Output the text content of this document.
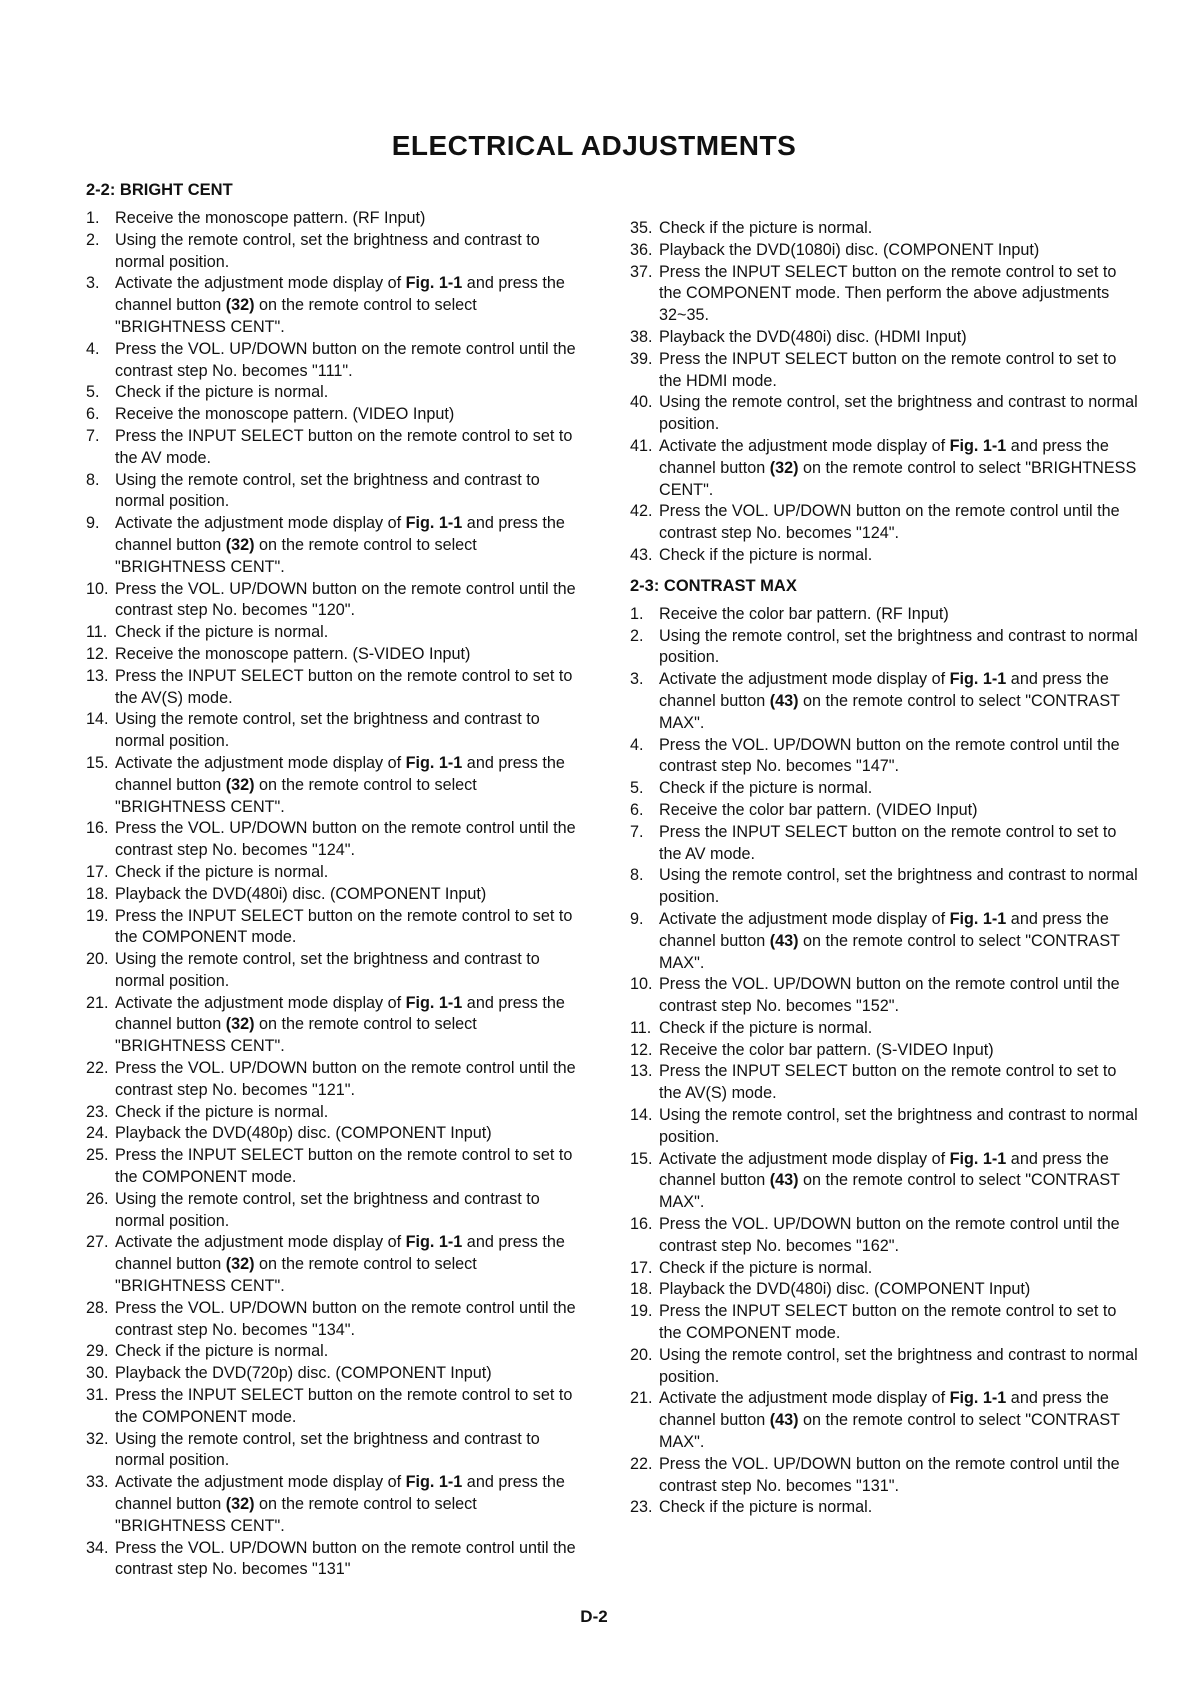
ELECTRICAL ADJUSTMENTS
2-2: BRIGHT CENT
1. Receive the monoscope pattern. (RF Input)
2. Using the remote control, set the brightness and contrast to normal position.
3. Activate the adjustment mode display of Fig. 1-1 and press the channel button (32) on the remote control to select "BRIGHTNESS CENT".
4. Press the VOL. UP/DOWN button on the remote control until the contrast step No. becomes "111".
5. Check if the picture is normal.
6. Receive the monoscope pattern. (VIDEO Input)
7. Press the INPUT SELECT button on the remote control to set to the AV mode.
8. Using the remote control, set the brightness and contrast to normal position.
9. Activate the adjustment mode display of Fig. 1-1 and press the channel button (32) on the remote control to select "BRIGHTNESS CENT".
10. Press the VOL. UP/DOWN button on the remote control until the contrast step No. becomes "120".
11. Check if the picture is normal.
12. Receive the monoscope pattern. (S-VIDEO Input)
13. Press the INPUT SELECT button on the remote control to set to the AV(S) mode.
14. Using the remote control, set the brightness and contrast to normal position.
15. Activate the adjustment mode display of Fig. 1-1 and press the channel button (32) on the remote control to select "BRIGHTNESS CENT".
16. Press the VOL. UP/DOWN button on the remote control until the contrast step No. becomes "124".
17. Check if the picture is normal.
18. Playback the DVD(480i) disc. (COMPONENT Input)
19. Press the INPUT SELECT button on the remote control to set to the COMPONENT mode.
20. Using the remote control, set the brightness and contrast to normal position.
21. Activate the adjustment mode display of Fig. 1-1 and press the channel button (32) on the remote control to select "BRIGHTNESS CENT".
22. Press the VOL. UP/DOWN button on the remote control until the contrast step No. becomes "121".
23. Check if the picture is normal.
24. Playback the DVD(480p) disc. (COMPONENT Input)
25. Press the INPUT SELECT button on the remote control to set to the COMPONENT mode.
26. Using the remote control, set the brightness and contrast to normal position.
27. Activate the adjustment mode display of Fig. 1-1 and press the channel button (32) on the remote control to select "BRIGHTNESS CENT".
28. Press the VOL. UP/DOWN button on the remote control until the contrast step No. becomes "134".
29. Check if the picture is normal.
30. Playback the DVD(720p) disc. (COMPONENT Input)
31. Press the INPUT SELECT button on the remote control to set to the COMPONENT mode.
32. Using the remote control, set the brightness and contrast to normal position.
33. Activate the adjustment mode display of Fig. 1-1 and press the channel button (32) on the remote control to select "BRIGHTNESS CENT".
34. Press the VOL. UP/DOWN button on the remote control until the contrast step No. becomes "131"
35. Check if the picture is normal.
36. Playback the DVD(1080i) disc. (COMPONENT Input)
37. Press the INPUT SELECT button on the remote control to set to the COMPONENT mode. Then perform the above adjustments 32~35.
38. Playback the DVD(480i) disc. (HDMI Input)
39. Press the INPUT SELECT button on the remote control to set to the HDMI mode.
40. Using the remote control, set the brightness and contrast to normal position.
41. Activate the adjustment mode display of Fig. 1-1 and press the channel button (32) on the remote control to select "BRIGHTNESS CENT".
42. Press the VOL. UP/DOWN button on the remote control until the contrast step No. becomes "124".
43. Check if the picture is normal.
2-3: CONTRAST MAX
1. Receive the color bar pattern. (RF Input)
2. Using the remote control, set the brightness and contrast to normal position.
3. Activate the adjustment mode display of Fig. 1-1 and press the channel button (43) on the remote control to select "CONTRAST MAX".
4. Press the VOL. UP/DOWN button on the remote control until the contrast step No. becomes "147".
5. Check if the picture is normal.
6. Receive the color bar pattern. (VIDEO Input)
7. Press the INPUT SELECT button on the remote control to set to the AV mode.
8. Using the remote control, set the brightness and contrast to normal position.
9. Activate the adjustment mode display of Fig. 1-1 and press the channel button (43) on the remote control to select "CONTRAST MAX".
10. Press the VOL. UP/DOWN button on the remote control until the contrast step No. becomes "152".
11. Check if the picture is normal.
12. Receive the color bar pattern. (S-VIDEO Input)
13. Press the INPUT SELECT button on the remote control to set to the AV(S) mode.
14. Using the remote control, set the brightness and contrast to normal position.
15. Activate the adjustment mode display of Fig. 1-1 and press the channel button (43) on the remote control to select "CONTRAST MAX".
16. Press the VOL. UP/DOWN button on the remote control until the contrast step No. becomes "162".
17. Check if the picture is normal.
18. Playback the DVD(480i) disc. (COMPONENT Input)
19. Press the INPUT SELECT button on the remote control to set to the COMPONENT mode.
20. Using the remote control, set the brightness and contrast to normal position.
21. Activate the adjustment mode display of Fig. 1-1 and press the channel button (43) on the remote control to select "CONTRAST MAX".
22. Press the VOL. UP/DOWN button on the remote control until the contrast step No. becomes "131".
23. Check if the picture is normal.
D-2
